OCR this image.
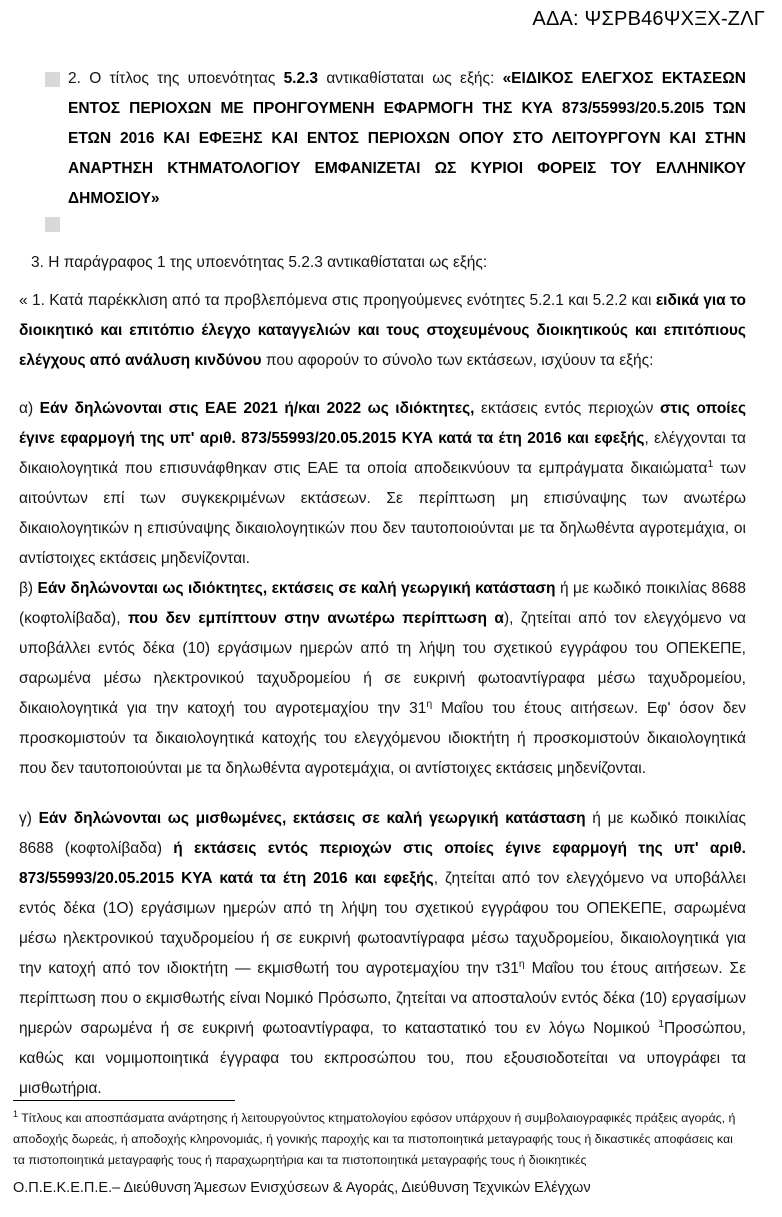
ΑΔΑ: ΨΣΡΒ46ΨΧΞΧ-ΖΛΓ
2. Ο τίτλος της υποενότητας 5.2.3 αντικαθίσταται ως εξής: «ΕΙΔΙΚΟΣ ΕΛΕΓΧΟΣ ΕΚΤΑΣΕΩΝ ΕΝΤΟΣ ΠΕΡΙΟΧΩΝ ΜΕ ΠΡΟΗΓΟΥΜΕΝΗ ΕΦΑΡΜΟΓΗ ΤΗΣ ΚΥΑ 873/55993/20.5.20Ι5 ΤΩΝ ΕΤΩΝ 2016 ΚΑΙ ΕΦΕΞΗΣ ΚΑΙ ΕΝΤΟΣ ΠΕΡΙΟΧΩΝ ΟΠΟΥ ΣΤΟ ΛΕΙΤΟΥΡΓΟΥΝ ΚΑΙ ΣΤΗΝ ΑΝΑΡΤΗΣΗ ΚΤΗΜΑΤΟΛΟΓΙΟΥ ΕΜΦΑΝΙΖΕΤΑΙ ΩΣ ΚΥΡΙΟΙ ΦΟΡΕΙΣ ΤΟΥ ΕΛΛΗΝΙΚΟΥ ΔΗΜΟΣΙΟΥ»
3. Η παράγραφος 1 της υποενότητας 5.2.3 αντικαθίσταται ως εξής:
« 1. Κατά παρέκκλιση από τα προβλεπόμενα στις προηγούμενες ενότητες 5.2.1 και 5.2.2 και ειδικά για το διοικητικό και επιτόπιο έλεγχο καταγγελιών και τους στοχευμένους διοικητικούς και επιτόπιους ελέγχους από ανάλυση κινδύνου που αφορούν το σύνολο των εκτάσεων, ισχύουν τα εξής:
α) Εάν δηλώνονται στις ΕΑΕ 2021 ή/και 2022 ως ιδιόκτητες, εκτάσεις εντός περιοχών στις οποίες έγινε εφαρμογή της υπ' αριθ. 873/55993/20.05.2015 ΚΥΑ κατά τα έτη 2016 και εφεξής, ελέγχονται τα δικαιολογητικά που επισυνάφθηκαν στις ΕΑΕ τα οποία αποδεικνύουν τα εμπράγματα δικαιώματα$^1$ των αιτούντων επί των συγκεκριμένων εκτάσεων. Σε περίπτωση μη επισύναψης των ανωτέρω δικαιολογητικών η επισύναψης δικαιολογητικών που δεν ταυτοποιούνται με τα δηλωθέντα αγροτεμάχια, οι αντίστοιχες εκτάσεις μηδενίζονται.
β) Εάν δηλώνονται ως ιδιόκτητες, εκτάσεις σε καλή γεωργική κατάσταση ή με κωδικό ποικιλίας 8688 (κοφτολίβαδα), που δεν εμπίπτουν στην ανωτέρω περίπτωση α), ζητείται από τον ελεγχόμενο να υποβάλλει εντός δέκα (10) εργάσιμων ημερών από τη λήψη του σχετικού εγγράφου του ΟΠΕΚΕΠΕ, σαρωμένα μέσω ηλεκτρονικού ταχυδρομείου ή σε ευκρινή φωτοαντίγραφα μέσω ταχυδρομείου, δικαιολογητικά για την κατοχή του αγροτεμαχίου την $31^\eta$ Μαΐου του έτους αιτήσεων. Εφ' όσον δεν προσκομιστούν τα δικαιολογητικά κατοχής του ελεγχόμενου ιδιοκτήτη ή προσκομιστούν δικαιολογητικά που δεν ταυτοποιούνται με τα δηλωθέντα αγροτεμάχια, οι αντίστοιχες εκτάσεις μηδενίζονται.
γ) Εάν δηλώνονται ως μισθωμένες, εκτάσεις σε καλή γεωργική κατάσταση ή με κωδικό ποικιλίας 8688 (κοφτολίβαδα) ή εκτάσεις εντός περιοχών στις οποίες έγινε εφαρμογή της υπ' αριθ. 873/55993/20.05.2015 ΚΥΑ κατά τα έτη 2016 και εφεξής, ζητείται από τον ελεγχόμενο να υποβάλλει εντός δέκα (1Ο) εργάσιμων ημερών από τη λήψη του σχετικού εγγράφου του ΟΠΕΚΕΠΕ, σαρωμένα μέσω ηλεκτρονικού ταχυδρομείου ή σε ευκρινή φωτοαντίγραφα μέσω ταχυδρομείου, δικαιολογητικά για την κατοχή από τον ιδιοκτήτη — εκμισθωτή του αγροτεμαχίου την $\tau 31^\eta$ Μαΐου του έτους αιτήσεων. Σε περίπτωση που ο εκμισθωτής είναι Νομικό Πρόσωπο, ζητείται να αποσταλούν εντός δέκα (10) εργασίμων ημερών σαρωμένα ή σε ευκρινή φωτοαντίγραφα, το καταστατικό του εν λόγω Νομικού $^1$Προσώπου, καθώς και νομιμοποιητικά έγγραφα του εκπροσώπου του, που εξουσιοδοτείται να υπογράφει τα μισθωτήρια.
$^1$ Τίτλους και αποσπάσματα ανάρτησης ή λειτουργούντος κτηματολογίου εφόσον υπάρχουν ή συμβολαιογραφικές πράξεις αγοράς, ή αποδοχής δωρεάς, ή αποδοχής κληρονομιάς, ή γονικής παροχής και τα πιστοποιητικά μεταγραφής τους ή δικαστικές αποφάσεις και τα πιστοποιητικά μεταγραφής τους ή παραχωρητήρια και τα πιστοποιητικά μεταγραφής τους ή διοικητικές
Ο.Π.Ε.Κ.Ε.Π.Ε.– Διεύθυνση Άμεσων Ενισχύσεων & Αγοράς, Διεύθυνση Τεχνικών Ελέγχων
